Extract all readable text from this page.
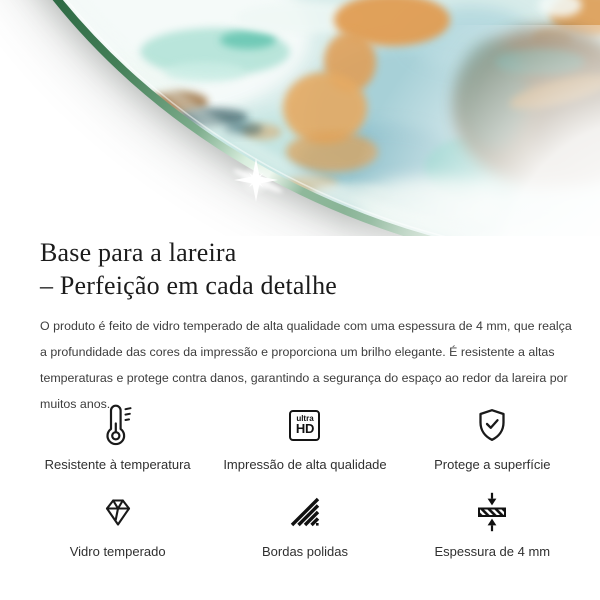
Base para a lareira
– Perfeição em cada detalhe
O produto é feito de vidro temperado de alta qualidade com uma espessura de 4 mm, que realça
a profundidade das cores da impressão e proporciona um brilho elegante. É resistente a altas
temperaturas e protege contra danos, garantindo a segurança do espaço ao redor da lareira por
muitos anos.
Resistente à temperatura
ultra
HD
Impressão de alta qualidade	Protege a superfície
Vidro temperado	Bordas polidas	Espessura de 4 mm
